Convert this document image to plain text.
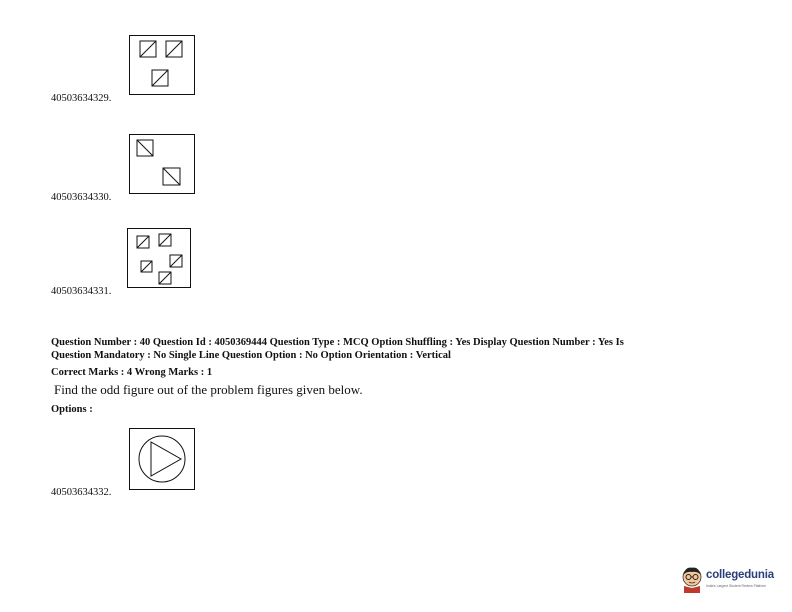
40503634329.
40503634330.
40503634331.
Question Number : 40 Question Id : 4050369444 Question Type : MCQ Option Shuffling : Yes Display Question Number : Yes Is
Question Mandatory : No Single Line Question Option : No Option Orientation : Vertical
Correct Marks : 4 Wrong Marks : 1
Find the odd figure out of the problem figures given below.
Options :
40503634332.
collegedunia
India's Largest Student Review Platform
